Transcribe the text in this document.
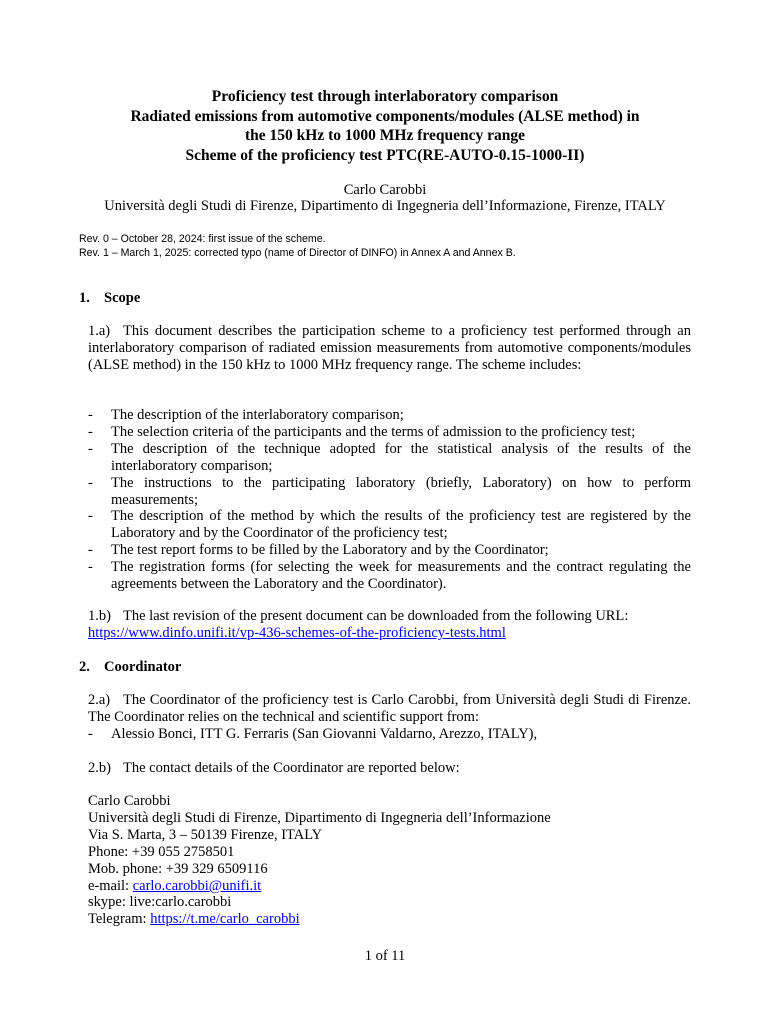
Proficiency test through interlaboratory comparison
Radiated emissions from automotive components/modules (ALSE method) in
the 150 kHz to 1000 MHz frequency range
Scheme of the proficiency test PTC(RE-AUTO-0.15-1000-II)
Carlo Carobbi
Università degli Studi di Firenze, Dipartimento di Ingegneria dell’Informazione, Firenze, ITALY
Rev. 0 – October 28, 2024: first issue of the scheme.
Rev. 1 – March 1, 2025: corrected typo (name of Director of DINFO) in Annex A and Annex B.
1. Scope
1.a) This document describes the participation scheme to a proficiency test performed through an interlaboratory comparison of radiated emission measurements from automotive components/modules (ALSE method) in the 150 kHz to 1000 MHz frequency range. The scheme includes:
- The description of the interlaboratory comparison;
- The selection criteria of the participants and the terms of admission to the proficiency test;
- The description of the technique adopted for the statistical analysis of the results of the interlaboratory comparison;
- The instructions to the participating laboratory (briefly, Laboratory) on how to perform measurements;
- The description of the method by which the results of the proficiency test are registered by the Laboratory and by the Coordinator of the proficiency test;
- The test report forms to be filled by the Laboratory and by the Coordinator;
- The registration forms (for selecting the week for measurements and the contract regulating the agreements between the Laboratory and the Coordinator).
1.b) The last revision of the present document can be downloaded from the following URL:
https://www.dinfo.unifi.it/vp-436-schemes-of-the-proficiency-tests.html
2. Coordinator
2.a) The Coordinator of the proficiency test is Carlo Carobbi, from Università degli Studi di Firenze. The Coordinator relies on the technical and scientific support from:
- Alessio Bonci, ITT G. Ferraris (San Giovanni Valdarno, Arezzo, ITALY),
2.b) The contact details of the Coordinator are reported below:
Carlo Carobbi
Università degli Studi di Firenze, Dipartimento di Ingegneria dell’Informazione
Via S. Marta, 3 – 50139 Firenze, ITALY
Phone: +39 055 2758501
Mob. phone: +39 329 6509116
e-mail: carlo.carobbi@unifi.it
skype: live:carlo.carobbi
Telegram: https://t.me/carlo_carobbi
1 of 11
